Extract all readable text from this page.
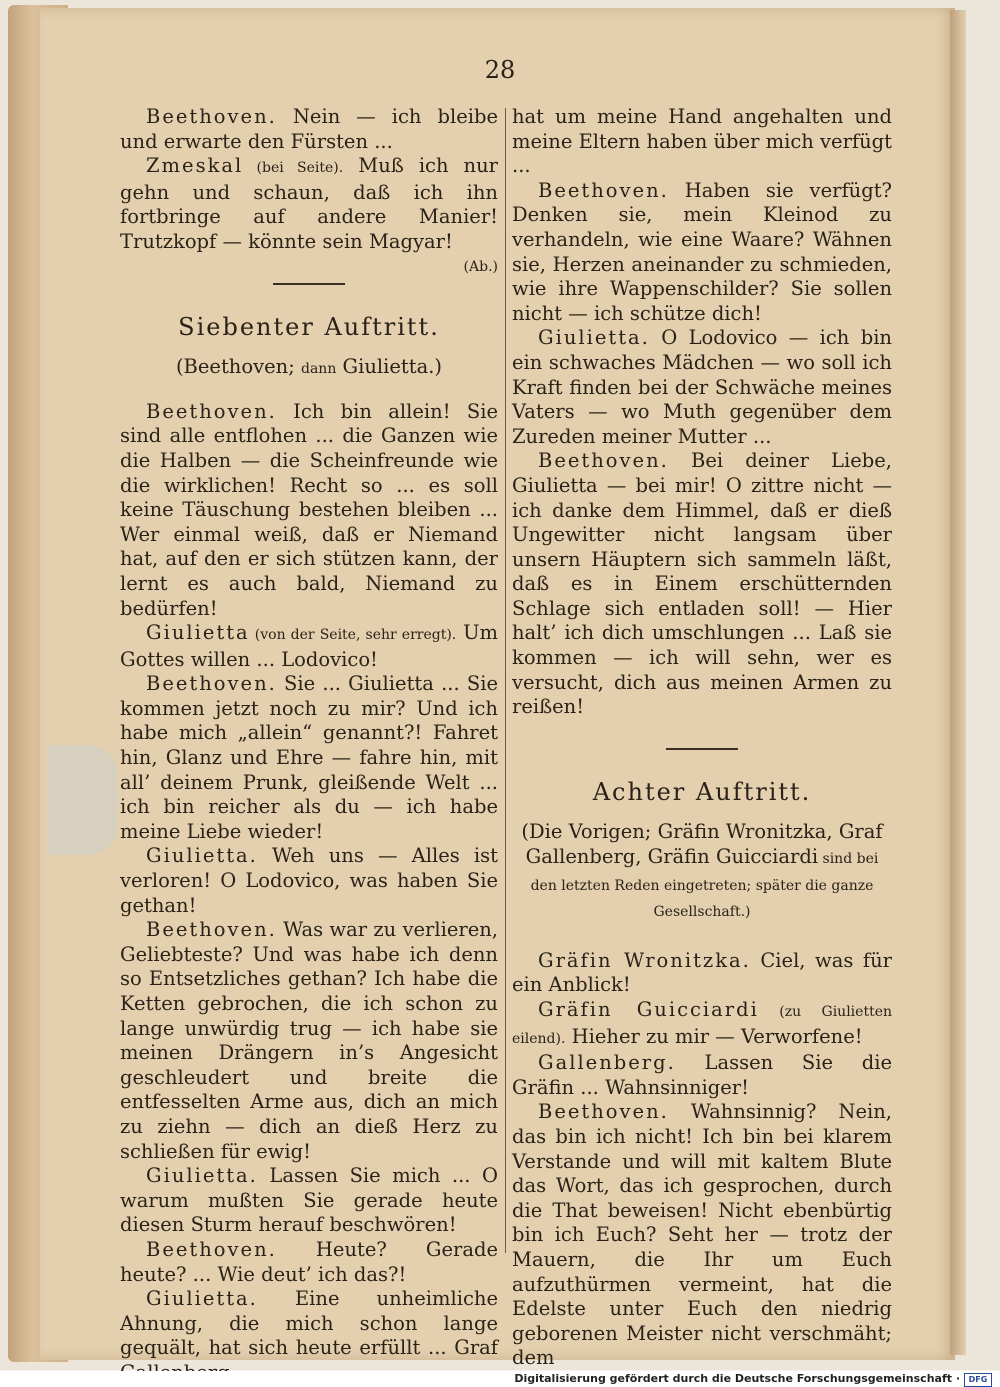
28

Beethoven. Nein — ich bleibe und erwarte den Fürsten ...

Zmeskal (bei Seite). Muß ich nur gehn und schaun, daß ich ihn fortbringe auf andere Manier! Trutzkopf — könnte sein Magyar!
(Ab.)

Siebenter Auftritt.

(Beethoven; dann Giulietta.)

Beethoven. Ich bin allein! Sie sind alle entflohen ... die Ganzen wie die Halben — die Scheinfreunde wie die wirklichen! Recht so ... es soll keine Täuschung bestehen bleiben ... Wer einmal weiß, daß er Niemand hat, auf den er sich stützen kann, der lernt es auch bald, Niemand zu bedürfen!

Giulietta (von der Seite, sehr erregt). Um Gottes willen ... Lodovico!

Beethoven. Sie ... Giulietta ... Sie kommen jetzt noch zu mir? Und ich habe mich „allein“ genannt?! Fahret hin, Glanz und Ehre — fahre hin, mit all’ deinem Prunk, gleißende Welt ... ich bin reicher als du — ich habe meine Liebe wieder!

Giulietta. Weh uns — Alles ist verloren! O Lodovico, was haben Sie gethan!

Beethoven. Was war zu verlieren, Geliebteste? Und was habe ich denn so Entsetzliches gethan? Ich habe die Ketten gebrochen, die ich schon zu lange unwürdig trug — ich habe sie meinen Drängern in’s Angesicht geschleudert und breite die entfesselten Arme aus, dich an mich zu ziehn — dich an dieß Herz zu schließen für ewig!

Giulietta. Lassen Sie mich ... O warum mußten Sie gerade heute diesen Sturm herauf beschwören!

Beethoven. Heute? Gerade heute? ... Wie deut’ ich das?!

Giulietta. Eine unheimliche Ahnung, die mich schon lange gequält, hat sich heute erfüllt ... Graf

hat um meine Hand angehalten und meine Eltern haben über mich verfügt ...

Beethoven. Haben sie verfügt? Denken sie, mein Kleinod zu verhandeln, wie eine Waare? Wähnen sie, Herzen aneinander zu schmieden, wie ihre Wappenschilder? Sie sollen nicht — ich schütze dich!

Giulietta. O Lodovico — ich bin ein schwaches Mädchen — wo soll ich Kraft finden bei der Schwäche meines Vaters — wo Muth gegenüber dem Zureden meiner Mutter ...

Beethoven. Bei deiner Liebe, Giulietta — bei mir! O zittre nicht — ich danke dem Himmel, daß er dieß Ungewitter nicht langsam über unsern Häuptern sich sammeln läßt, daß es in Einem erschütternden Schlage sich entladen soll! — Hier halt’ ich dich umschlungen ... Laß sie kommen — ich will sehn, wer es versucht, dich aus meinen Armen zu reißen!

Achter Auftritt.

(Die Vorigen; Gräfin Wronitzka, Graf Gallenberg, Gräfin Guicciardi sind bei den letzten Reden eingetreten; später die ganze Gesellschaft.)

Gräfin Wronitzka. Ciel, was für ein Anblick!

Gräfin Guicciardi (zu Giulietten eilend). Hieher zu mir — Verworfene!

Gallenberg. Lassen Sie die Gräfin ... Wahnsinniger!

Beethoven. Wahnsinnig? Nein, das bin ich nicht! Ich bin bei klarem Verstande und will mit kaltem Blute das Wort, das ich gesprochen, durch die That beweisen! Nicht ebenbürtig bin ich Euch? Seht her — trotz der Mauern, die Ihr um Euch aufzuthürmen vermeint, hat die Edelste unter Euch den niedrig geborenen Meister nicht verschmäht; dem

Digitalisierung gefördert durch die Deutsche Forschungsgemeinschaft ·	DFG
